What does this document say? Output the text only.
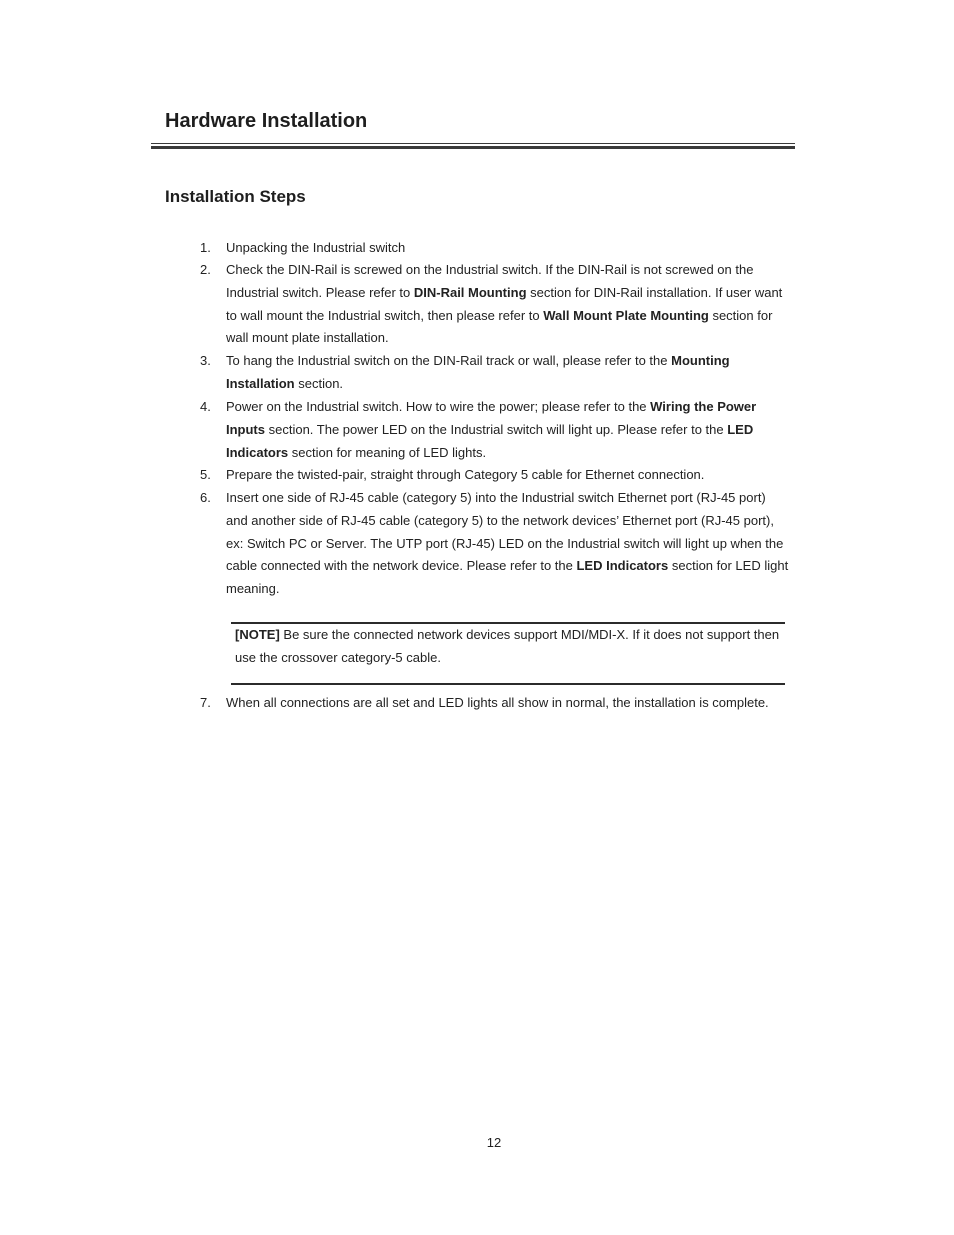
Hardware Installation
Installation Steps
1. Unpacking the Industrial switch
2. Check the DIN-Rail is screwed on the Industrial switch. If the DIN-Rail is not screwed on the Industrial switch. Please refer to DIN-Rail Mounting section for DIN-Rail installation. If user want to wall mount the Industrial switch, then please refer to Wall Mount Plate Mounting section for wall mount plate installation.
3. To hang the Industrial switch on the DIN-Rail track or wall, please refer to the Mounting Installation section.
4. Power on the Industrial switch. How to wire the power; please refer to the Wiring the Power Inputs section. The power LED on the Industrial switch will light up. Please refer to the LED Indicators section for meaning of LED lights.
5. Prepare the twisted-pair, straight through Category 5 cable for Ethernet connection.
6. Insert one side of RJ-45 cable (category 5) into the Industrial switch Ethernet port (RJ-45 port) and another side of RJ-45 cable (category 5) to the network devices’ Ethernet port (RJ-45 port), ex: Switch PC or Server. The UTP port (RJ-45) LED on the Industrial switch will light up when the cable connected with the network device. Please refer to the LED Indicators section for LED light meaning.
[NOTE] Be sure the connected network devices support MDI/MDI-X. If it does not support then use the crossover category-5 cable.
7. When all connections are all set and LED lights all show in normal, the installation is complete.
12
